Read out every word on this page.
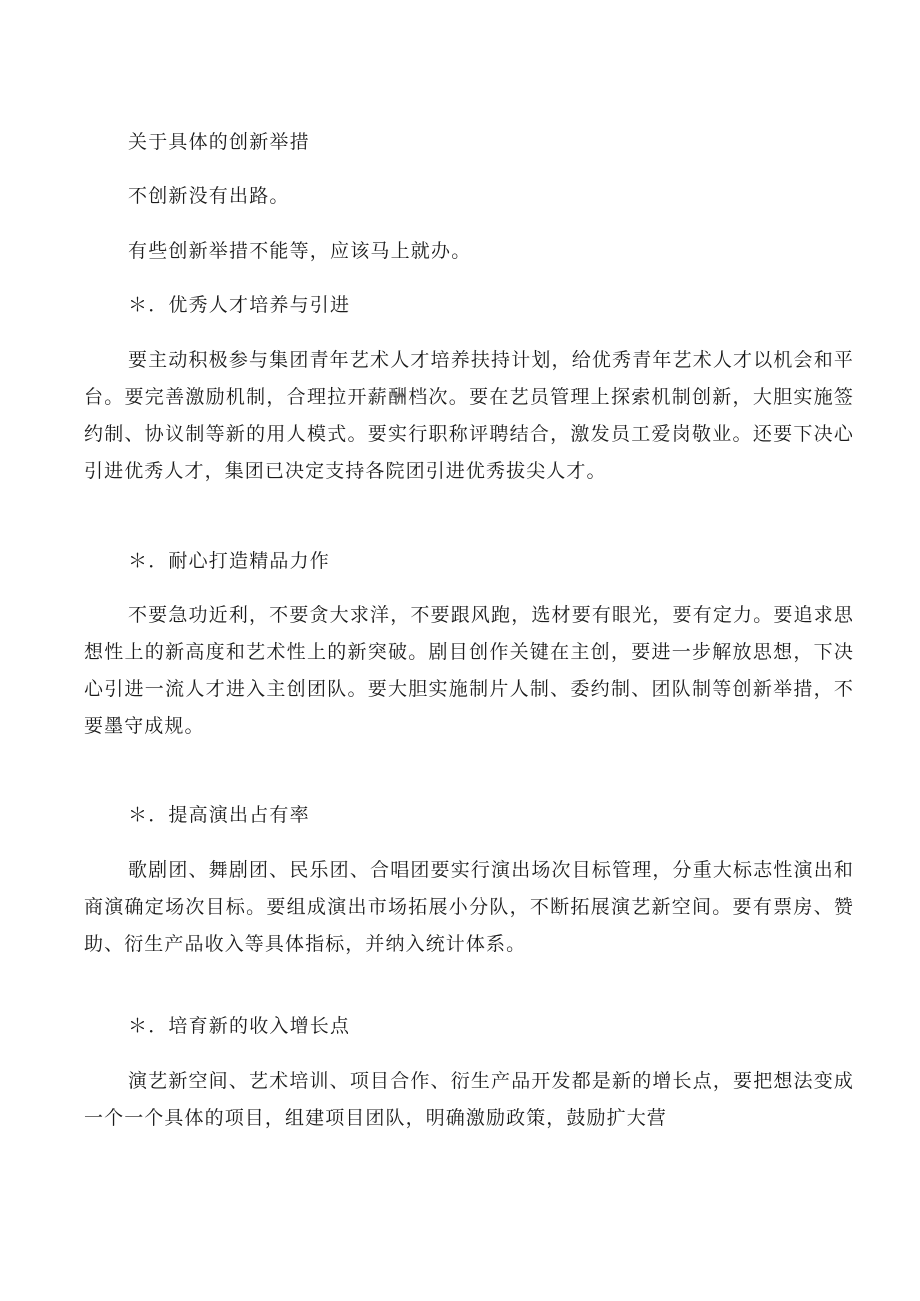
关于具体的创新举措
不创新没有出路。
有些创新举措不能等，应该马上就办。
＊．优秀人才培养与引进
要主动积极参与集团青年艺术人才培养扶持计划，给优秀青年艺术人才以机会和平台。要完善激励机制，合理拉开薪酬档次。要在艺员管理上探索机制创新，大胆实施签约制、协议制等新的用人模式。要实行职称评聘结合，激发员工爱岗敬业。还要下决心引进优秀人才，集团已决定支持各院团引进优秀拔尖人才。
＊．耐心打造精品力作
不要急功近利，不要贪大求洋，不要跟风跑，选材要有眼光，要有定力。要追求思想性上的新高度和艺术性上的新突破。剧目创作关键在主创，要进一步解放思想，下决心引进一流人才进入主创团队。要大胆实施制片人制、委约制、团队制等创新举措，不要墨守成规。
＊．提高演出占有率
歌剧团、舞剧团、民乐团、合唱团要实行演出场次目标管理，分重大标志性演出和商演确定场次目标。要组成演出市场拓展小分队，不断拓展演艺新空间。要有票房、赞助、衍生产品收入等具体指标，并纳入统计体系。
＊．培育新的收入增长点
演艺新空间、艺术培训、项目合作、衍生产品开发都是新的增长点，要把想法变成一个一个具体的项目，组建项目团队，明确激励政策，鼓励扩大营
